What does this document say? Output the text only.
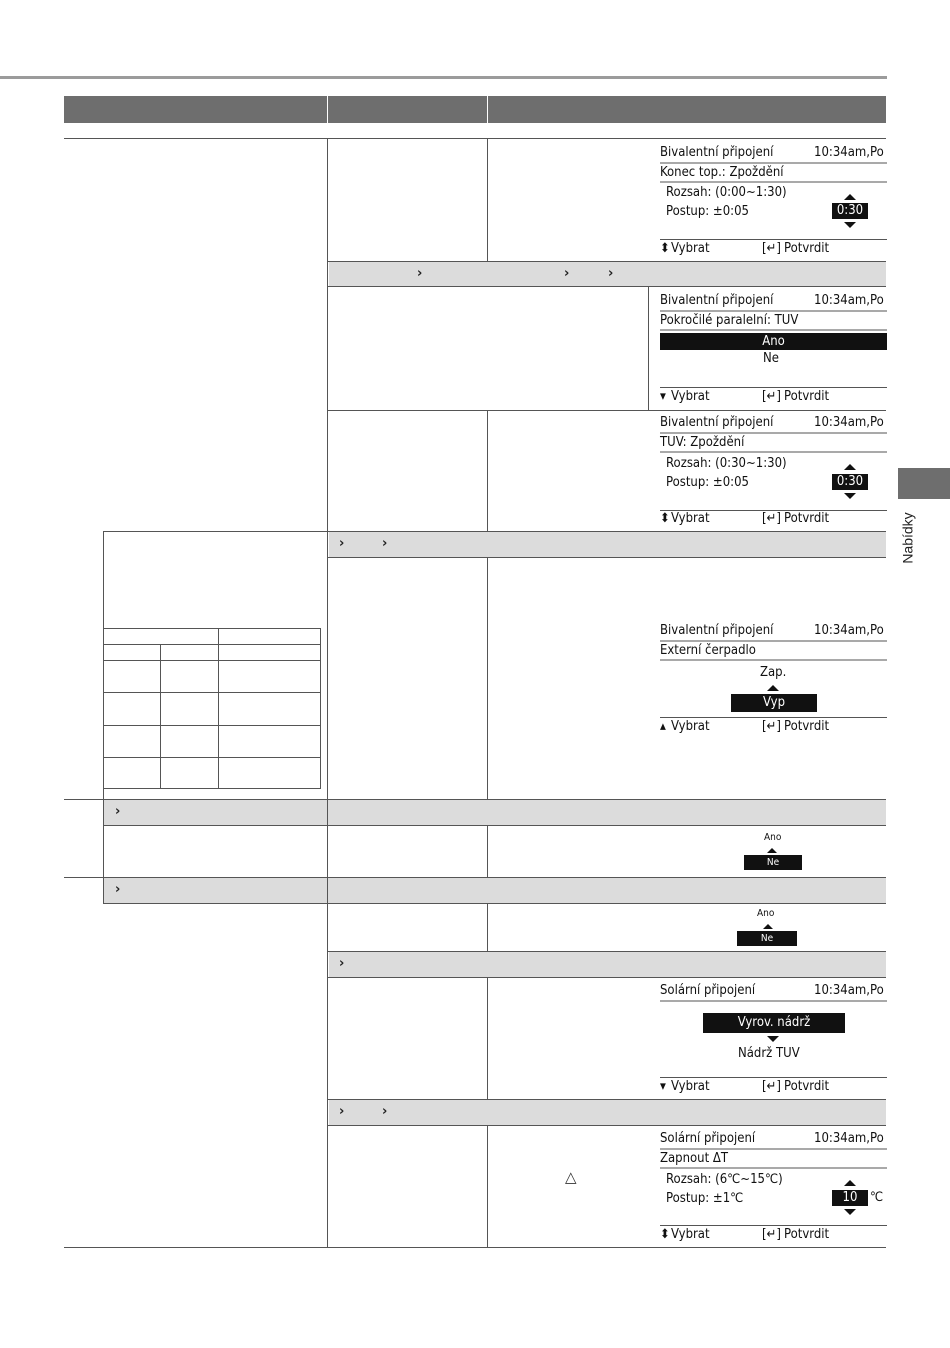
Nabídky
›	›	›
›	›
›
›
›
›	›
Bivalentní připojení	10:34am,Po
Konec top.: Zpoždění
Rozsah: (0:00~1:30)
Postup: ±0:05	0:30
⬍ Vybrat	[↵] Potvrdit
Bivalentní připojení	10:34am,Po
Pokročilé paralelní: TUV
Ano
Ne
▾ Vybrat	[↵] Potvrdit
Bivalentní připojení	10:34am,Po
TUV: Zpoždění
Rozsah: (0:30~1:30)
Postup: ±0:05	0:30
⬍ Vybrat	[↵] Potvrdit
Bivalentní připojení	10:34am,Po
Externí čerpadlo
Zap.
Vyp
▴ Vybrat	[↵] Potvrdit
Ano
Ne
Ano
Ne
Solární připojení	10:34am,Po
Vyrov. nádrž
Nádrž TUV
▾ Vybrat	[↵] Potvrdit
Solární připojení	10:34am,Po
Zapnout ΔT
Rozsah: (6℃~15℃)
Postup: ±1℃	10 ℃
⬍ Vybrat	[↵] Potvrdit
△
